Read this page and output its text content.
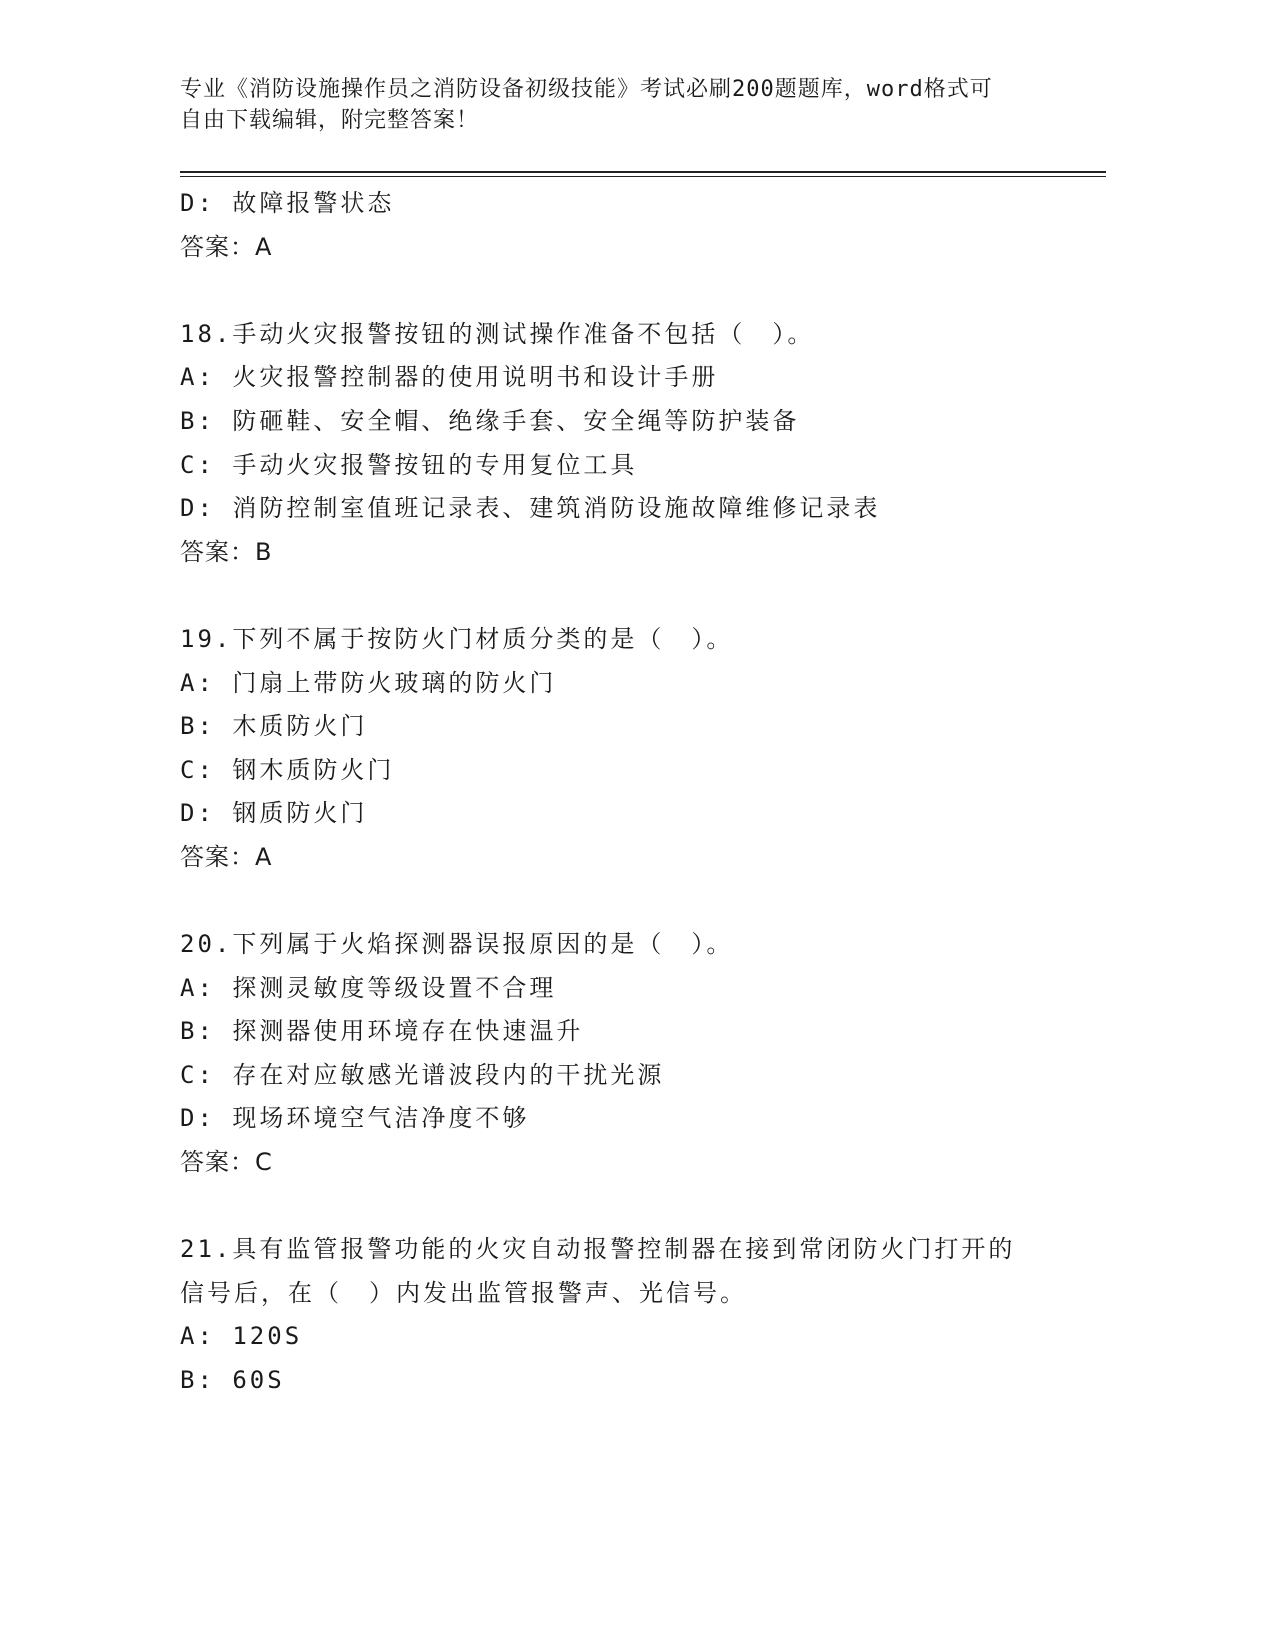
专业《消防设施操作员之消防设备初级技能》考试必刷200题题库，word格式可
自由下载编辑，附完整答案！
D: 故障报警状态
答案：A
18.手动火灾报警按钮的测试操作准备不包括（　）。
A: 火灾报警控制器的使用说明书和设计手册
B: 防砸鞋、安全帽、绝缘手套、安全绳等防护装备
C: 手动火灾报警按钮的专用复位工具
D: 消防控制室值班记录表、建筑消防设施故障维修记录表
答案：B
19.下列不属于按防火门材质分类的是（　）。
A: 门扇上带防火玻璃的防火门
B: 木质防火门
C: 钢木质防火门
D: 钢质防火门
答案：A
20.下列属于火焰探测器误报原因的是（　）。
A: 探测灵敏度等级设置不合理
B: 探测器使用环境存在快速温升
C: 存在对应敏感光谱波段内的干扰光源
D: 现场环境空气洁净度不够
答案：C
21.具有监管报警功能的火灾自动报警控制器在接到常闭防火门打开的
信号后，在（　）内发出监管报警声、光信号。
A: 120S
B: 60S
